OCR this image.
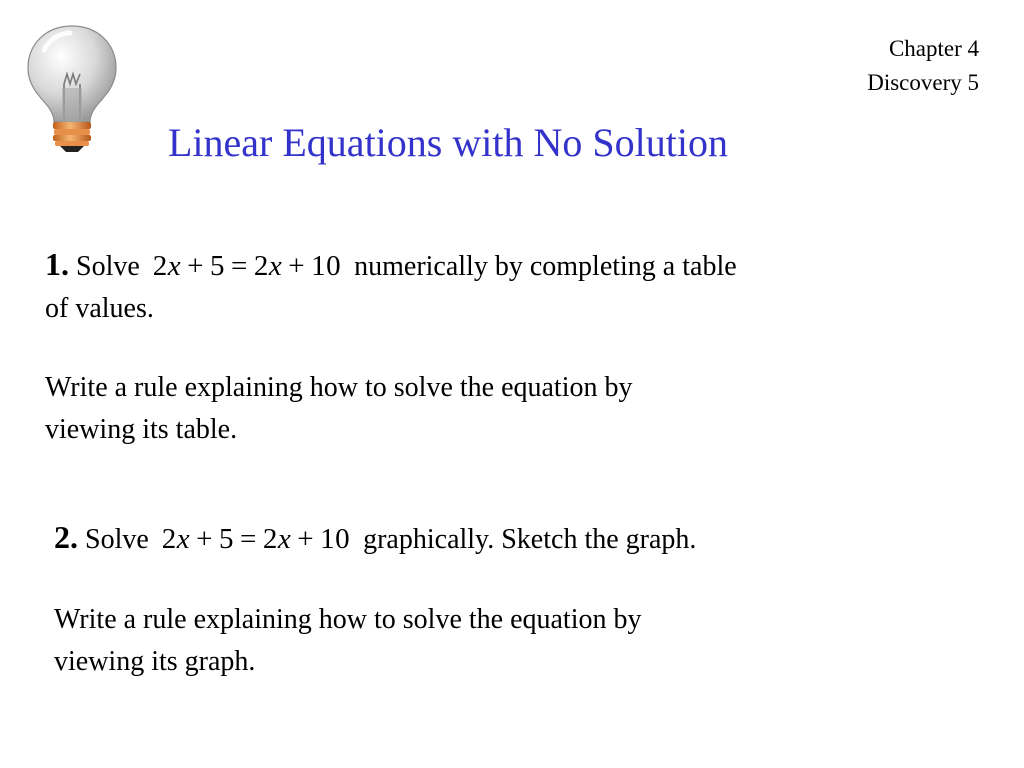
Chapter 4
Discovery 5
Linear Equations with No Solution

1. Solve 2x + 5 = 2x + 10 numerically by completing a table
of values.

Write a rule explaining how to solve the equation by
viewing its table.

2. Solve 2x + 5 = 2x + 10 graphically. Sketch the graph.

Write a rule explaining how to solve the equation by
viewing its graph.
